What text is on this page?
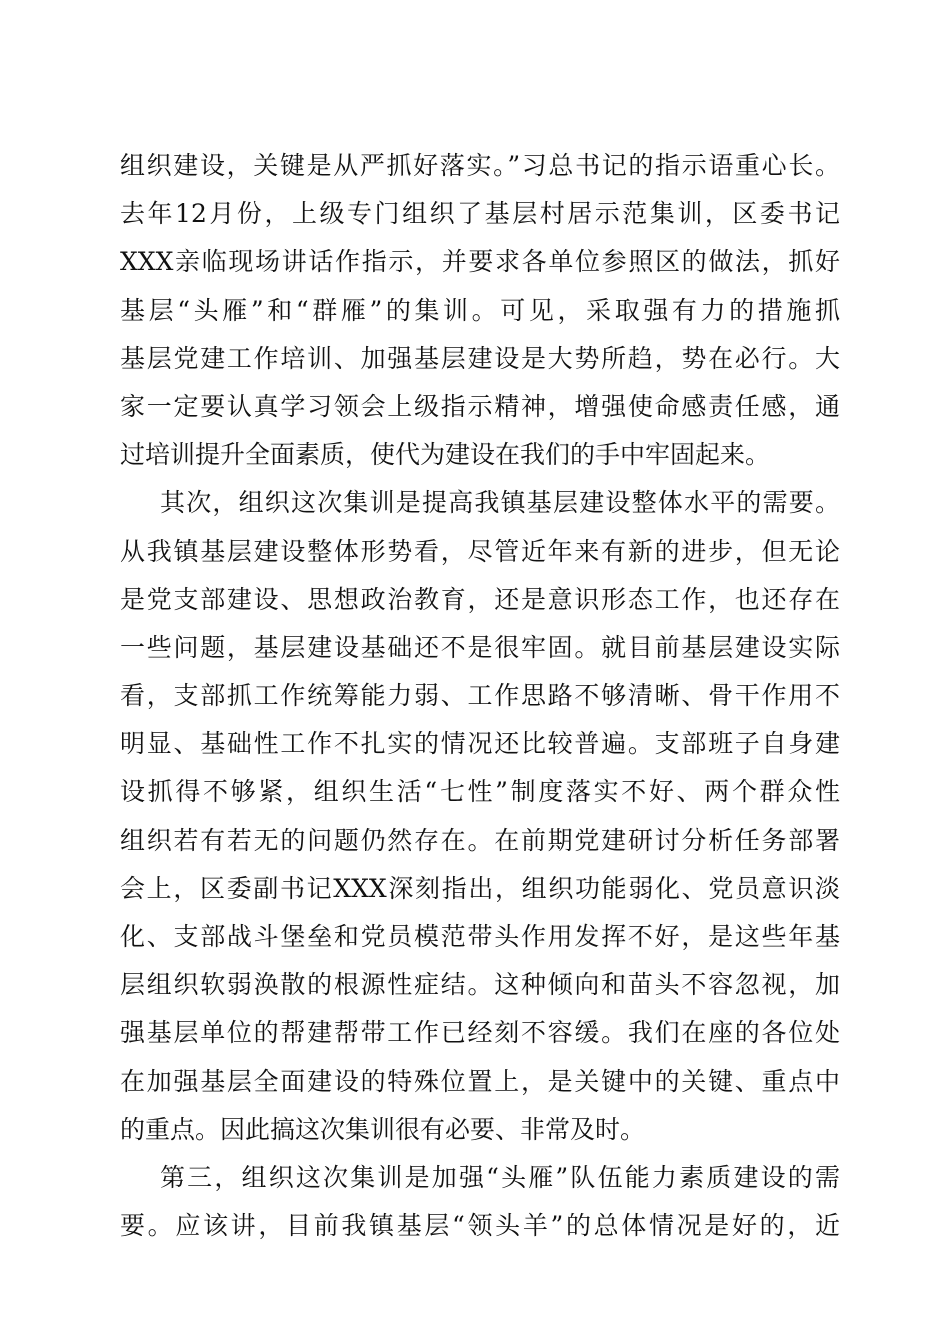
组织建设，关键是从严抓好落实。”习总书记的指示语重心长。
去年12月份，上级专门组织了基层村居示范集训，区委书记
XXX亲临现场讲话作指示，并要求各单位参照区的做法，抓好
基层“头雁”和“群雁”的集训。可见，采取强有力的措施抓
基层党建工作培训、加强基层建设是大势所趋，势在必行。大
家一定要认真学习领会上级指示精神，增强使命感责任感，通
过培训提升全面素质，使代为建设在我们的手中牢固起来。
其次，组织这次集训是提高我镇基层建设整体水平的需要。
从我镇基层建设整体形势看，尽管近年来有新的进步，但无论
是党支部建设、思想政治教育，还是意识形态工作，也还存在
一些问题，基层建设基础还不是很牢固。就目前基层建设实际
看，支部抓工作统筹能力弱、工作思路不够清晰、骨干作用不
明显、基础性工作不扎实的情况还比较普遍。支部班子自身建
设抓得不够紧，组织生活“七性”制度落实不好、两个群众性
组织若有若无的问题仍然存在。在前期党建研讨分析任务部署
会上，区委副书记XXX深刻指出，组织功能弱化、党员意识淡
化、支部战斗堡垒和党员模范带头作用发挥不好，是这些年基
层组织软弱涣散的根源性症结。这种倾向和苗头不容忽视，加
强基层单位的帮建帮带工作已经刻不容缓。我们在座的各位处
在加强基层全面建设的特殊位置上，是关键中的关键、重点中
的重点。因此搞这次集训很有必要、非常及时。
第三，组织这次集训是加强“头雁”队伍能力素质建设的需
要。应该讲，目前我镇基层“领头羊”的总体情况是好的，近
